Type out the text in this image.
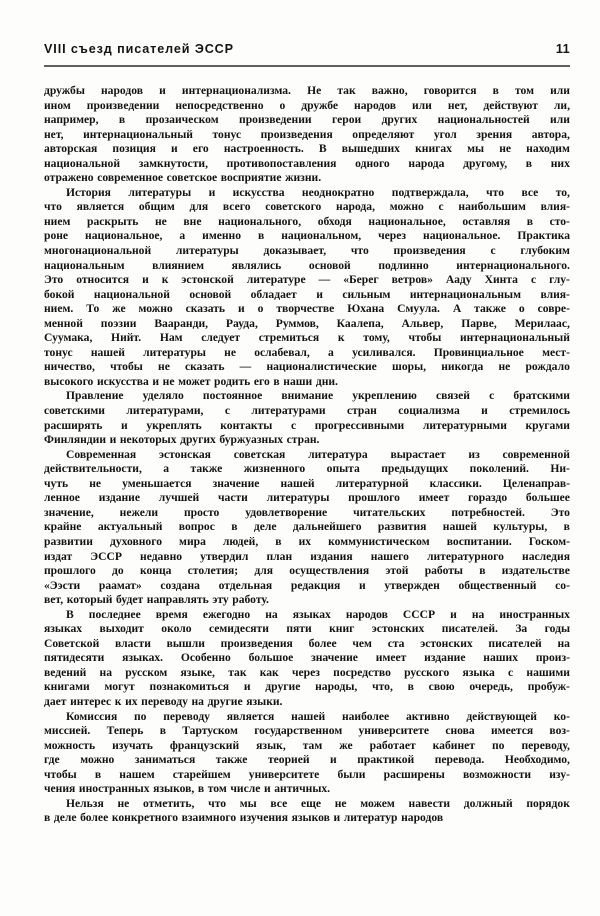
VIII съезд писателей ЭССР	11
дружбы народов и интернационализма. Не так важно, говорится в том или
ином произведении непосредственно о дружбе народов или нет, действуют ли,
например, в прозаическом произведении герои других национальностей или
нет, интернациональный тонус произведения определяют угол зрения автора,
авторская позиция и его настроенность. В вышедших книгах мы не находим
национальной замкнутости, противопоставления одного народа другому, в них
отражено современное советское восприятие жизни.
История литературы и искусства неоднократно подтверждала, что все то,
что является общим для всего советского народа, можно с наибольшим влия-
нием раскрыть не вне национального, обходя национальное, оставляя в сто-
роне национальное, а именно в национальном, через национальное. Практика
многонациональной литературы доказывает, что произведения с глубоким
национальным влиянием являлись основой подлинно интернационального.
Это относится и к эстонской литературе — «Берег ветров» Ааду Хинта с глу-
бокой национальной основой обладает и сильным интернациональным влия-
нием. То же можно сказать и о творчестве Юхана Смуула. А также о совре-
менной поэзии Вааранди, Рауда, Руммов, Каалепа, Альвер, Парве, Мерилаас,
Суумака, Нийт. Нам следует стремиться к тому, чтобы интернациональный
тонус нашей литературы не ослабевал, а усиливался. Провинциальное мест-
ничество, чтобы не сказать — националистические шоры, никогда не рождало
высокого искусства и не может родить его в наши дни.
Правление уделяло постоянное внимание укреплению связей с братскими
советскими литературами, с литературами стран социализма и стремилось
расширять и укреплять контакты с прогрессивными литературными кругами
Финляндии и некоторых других буржуазных стран.
Современная эстонская советская литература вырастает из современной
действительности, а также жизненного опыта предыдущих поколений. Ни-
чуть не уменьшается значение нашей литературной классики. Целенаправ-
ленное издание лучшей части литературы прошлого имеет гораздо большее
значение, нежели просто удовлетворение читательских потребностей. Это
крайне актуальный вопрос в деле дальнейшего развития нашей культуры, в
развитии духовного мира людей, в их коммунистическом воспитании. Госком-
издат ЭССР недавно утвердил план издания нашего литературного наследия
прошлого до конца столетия; для осуществления этой работы в издательстве
«Ээсти раамат» создана отдельная редакция и утвержден общественный со-
вет, который будет направлять эту работу.
В последнее время ежегодно на языках народов СССР и на иностранных
языках выходит около семидесяти пяти книг эстонских писателей. За годы
Советской власти вышли произведения более чем ста эстонских писателей на
пятидесяти языках. Особенно большое значение имеет издание наших произ-
ведений на русском языке, так как через посредство русского языка с нашими
книгами могут познакомиться и другие народы, что, в свою очередь, пробуж-
дает интерес к их переводу на другие языки.
Комиссия по переводу является нашей наиболее активно действующей ко-
миссией. Теперь в Тартуском государственном университете снова имеется воз-
можность изучать французский язык, там же работает кабинет по переводу,
где можно заниматься также теорией и практикой перевода. Необходимо,
чтобы в нашем старейшем университете были расширены возможности изу-
чения иностранных языков, в том числе и античных.
Нельзя не отметить, что мы все еще не можем навести должный порядок
в деле более конкретного взаимного изучения языков и литератур народов
